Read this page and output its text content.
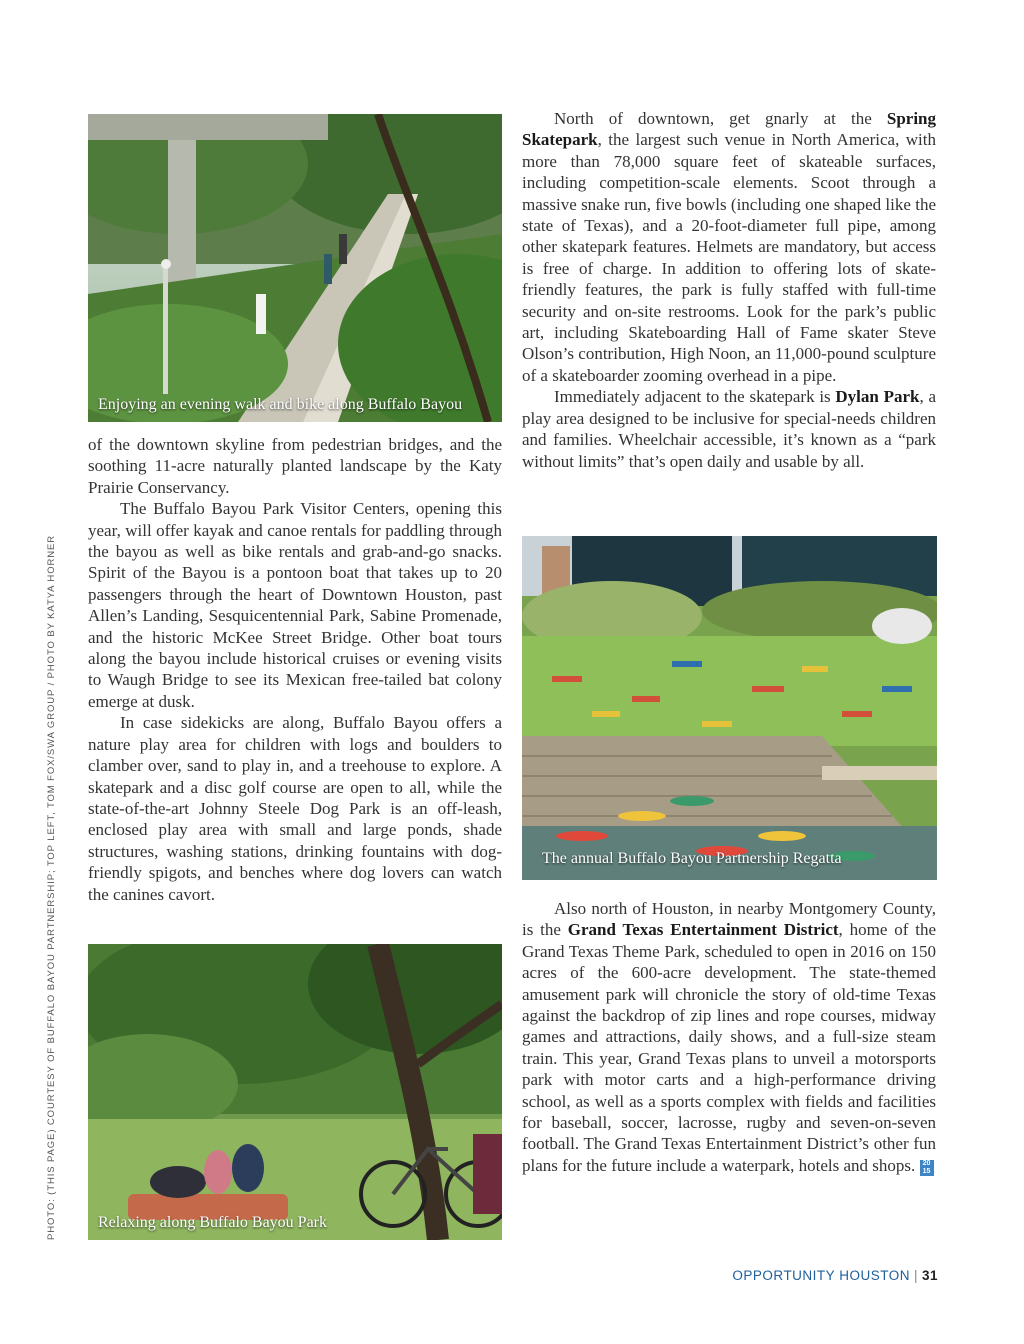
Enjoying an evening walk and bike along Buffalo Bayou

of the downtown skyline from pedestrian bridges, and the soothing 11-acre naturally planted landscape by the Katy Prairie Conservancy.

The Buffalo Bayou Park Visitor Centers, opening this year, will offer kayak and canoe rentals for paddling through the bayou as well as bike rentals and grab-and-go snacks. Spirit of the Bayou is a pontoon boat that takes up to 20 passengers through the heart of Downtown Houston, past Allen’s Landing, Sesquicentennial Park, Sabine Promenade, and the historic McKee Street Bridge. Other boat tours along the bayou include historical cruises or evening visits to Waugh Bridge to see its Mexican free-tailed bat colony emerge at dusk.

In case sidekicks are along, Buffalo Bayou offers a nature play area for children with logs and boulders to clamber over, sand to play in, and a treehouse to explore. A skatepark and a disc golf course are open to all, while the state-of-the-art Johnny Steele Dog Park is an off-leash, enclosed play area with small and large ponds, shade structures, washing stations, drinking fountains with dog-friendly spigots, and benches where dog lovers can watch the canines cavort.

Relaxing along Buffalo Bayou Park

North of downtown, get gnarly at the Spring Skatepark, the largest such venue in North America, with more than 78,000 square feet of skateable surfaces, including competition-scale elements. Scoot through a massive snake run, five bowls (including one shaped like the state of Texas), and a 20-foot-diameter full pipe, among other skatepark features. Helmets are mandatory, but access is free of charge. In addition to offering lots of skate-friendly features, the park is fully staffed with full-time security and on-site restrooms. Look for the park’s public art, including Skateboarding Hall of Fame skater Steve Olson’s contribution, High Noon, an 11,000-pound sculpture of a skateboarder zooming overhead in a pipe.

Immediately adjacent to the skatepark is Dylan Park, a play area designed to be inclusive for special-needs children and families. Wheelchair accessible, it’s known as a “park without limits” that’s open daily and usable by all.

The annual Buffalo Bayou Partnership Regatta

Also north of Houston, in nearby Montgomery County, is the Grand Texas Entertainment District, home of the Grand Texas Theme Park, scheduled to open in 2016 on 150 acres of the 600-acre development. The state-themed amusement park will chronicle the story of old-time Texas against the backdrop of zip lines and rope courses, midway games and attractions, daily shows, and a full-size steam train. This year, Grand Texas plans to unveil a motorsports park with motor carts and a high-performance driving school, as well as a sports complex with fields and facilities for baseball, soccer, lacrosse, rugby and seven-on-seven football. The Grand Texas Entertainment District’s other fun plans for the future include a waterpark, hotels and shops. 20 15

PHOTO: (THIS PAGE) COURTESY OF BUFFALO BAYOU PARTNERSHIP; TOP LEFT, TOM FOX/SWA GROUP / PHOTO BY KATYA HORNER
OPPORTUNITY HOUSTON | 31
